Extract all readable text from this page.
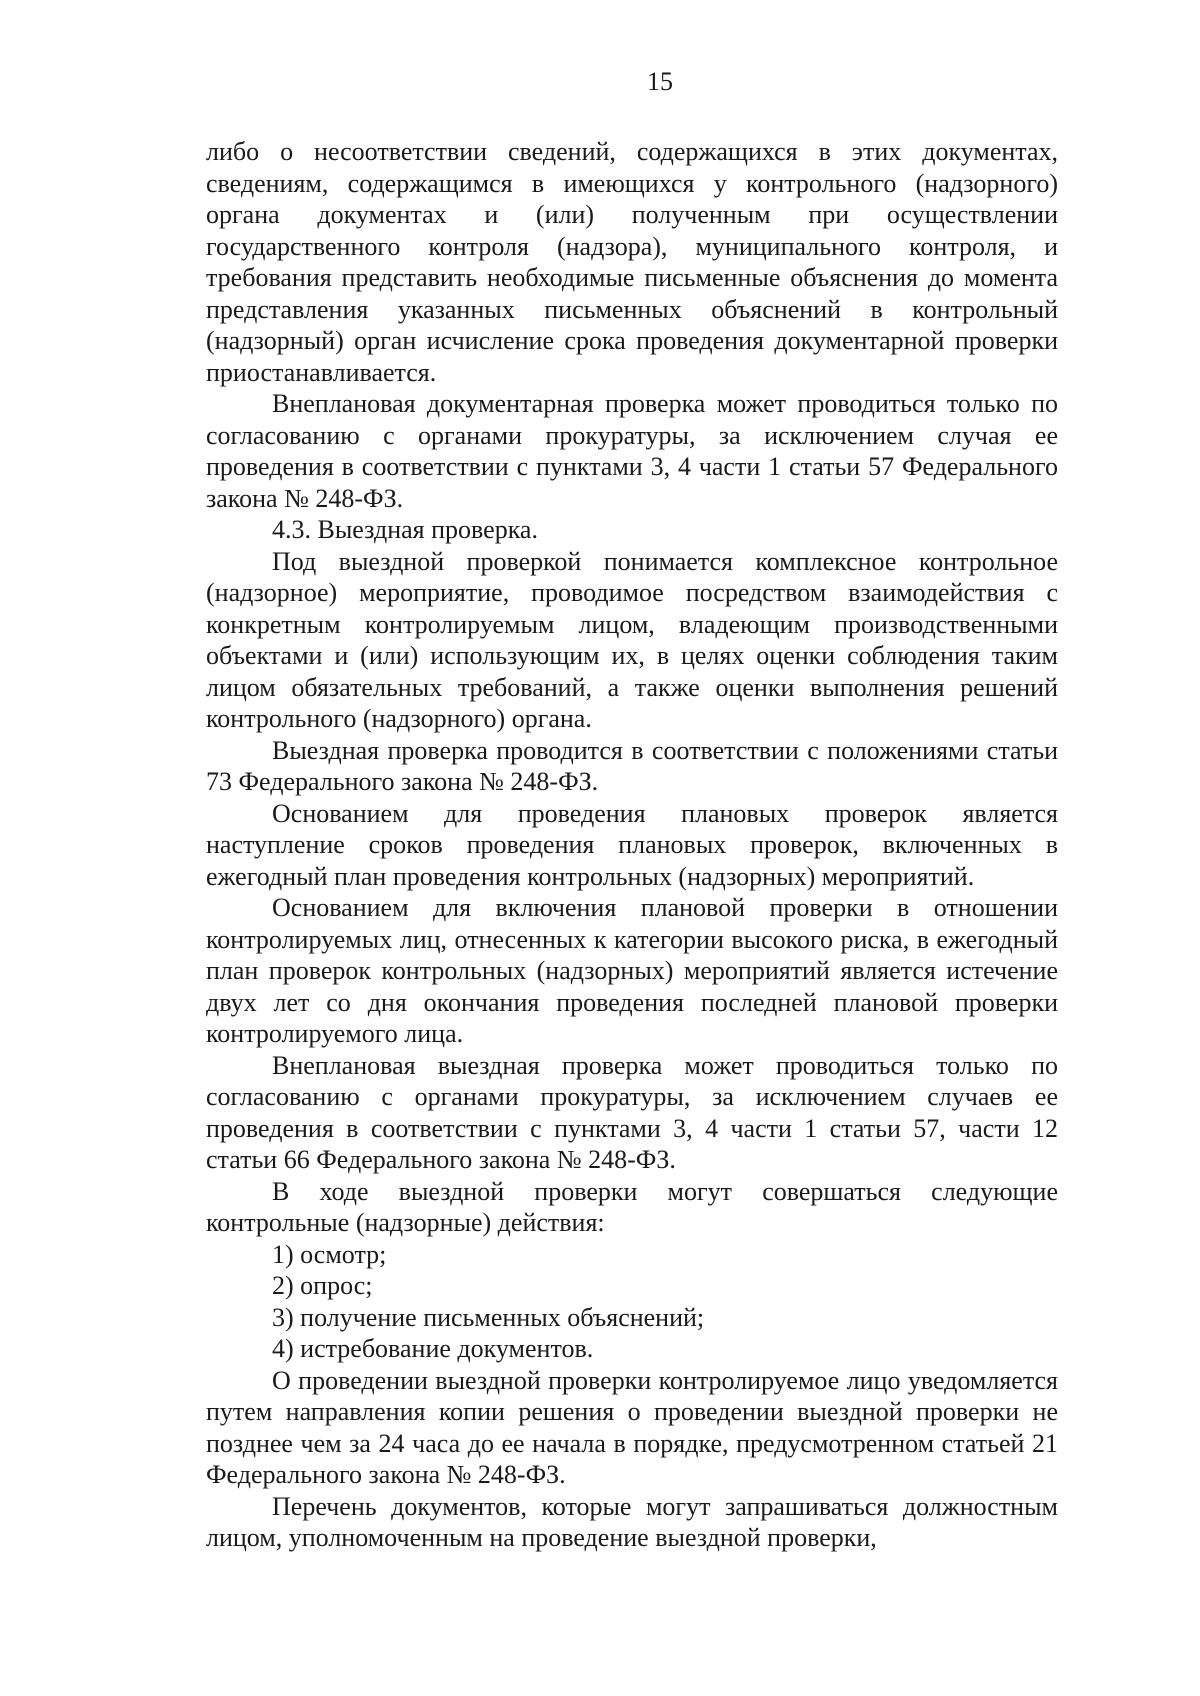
15

либо о несоответствии сведений, содержащихся в этих документах, сведениям, содержащимся в имеющихся у контрольного (надзорного) органа документах и (или) полученным при осуществлении государственного контроля (надзора), муниципального контроля, и требования представить необходимые письменные объяснения до момента представления указанных письменных объяснений в контрольный (надзорный) орган исчисление срока проведения документарной проверки приостанавливается.

Внеплановая документарная проверка может проводиться только по согласованию с органами прокуратуры, за исключением случая ее проведения в соответствии с пунктами 3, 4 части 1 статьи 57 Федерального закона № 248-ФЗ.

4.3. Выездная проверка.

Под выездной проверкой понимается комплексное контрольное (надзорное) мероприятие, проводимое посредством взаимодействия с конкретным контролируемым лицом, владеющим производственными объектами и (или) использующим их, в целях оценки соблюдения таким лицом обязательных требований, а также оценки выполнения решений контрольного (надзорного) органа.

Выездная проверка проводится в соответствии с положениями статьи 73 Федерального закона № 248-ФЗ.

Основанием для проведения плановых проверок является наступление сроков проведения плановых проверок, включенных в ежегодный план проведения контрольных (надзорных) мероприятий.

Основанием для включения плановой проверки в отношении контролируемых лиц, отнесенных к категории высокого риска, в ежегодный план проверок контрольных (надзорных) мероприятий является истечение двух лет со дня окончания проведения последней плановой проверки контролируемого лица.

Внеплановая выездная проверка может проводиться только по согласованию с органами прокуратуры, за исключением случаев ее проведения в соответствии с пунктами 3, 4 части 1 статьи 57, части 12 статьи 66 Федерального закона № 248-ФЗ.

В ходе выездной проверки могут совершаться следующие контрольные (надзорные) действия:

1) осмотр;

2) опрос;

3) получение письменных объяснений;

4) истребование документов.

О проведении выездной проверки контролируемое лицо уведомляется путем направления копии решения о проведении выездной проверки не позднее чем за 24 часа до ее начала в порядке, предусмотренном статьей 21 Федерального закона № 248-ФЗ.

Перечень документов, которые могут запрашиваться должностным лицом, уполномоченным на проведение выездной проверки,
